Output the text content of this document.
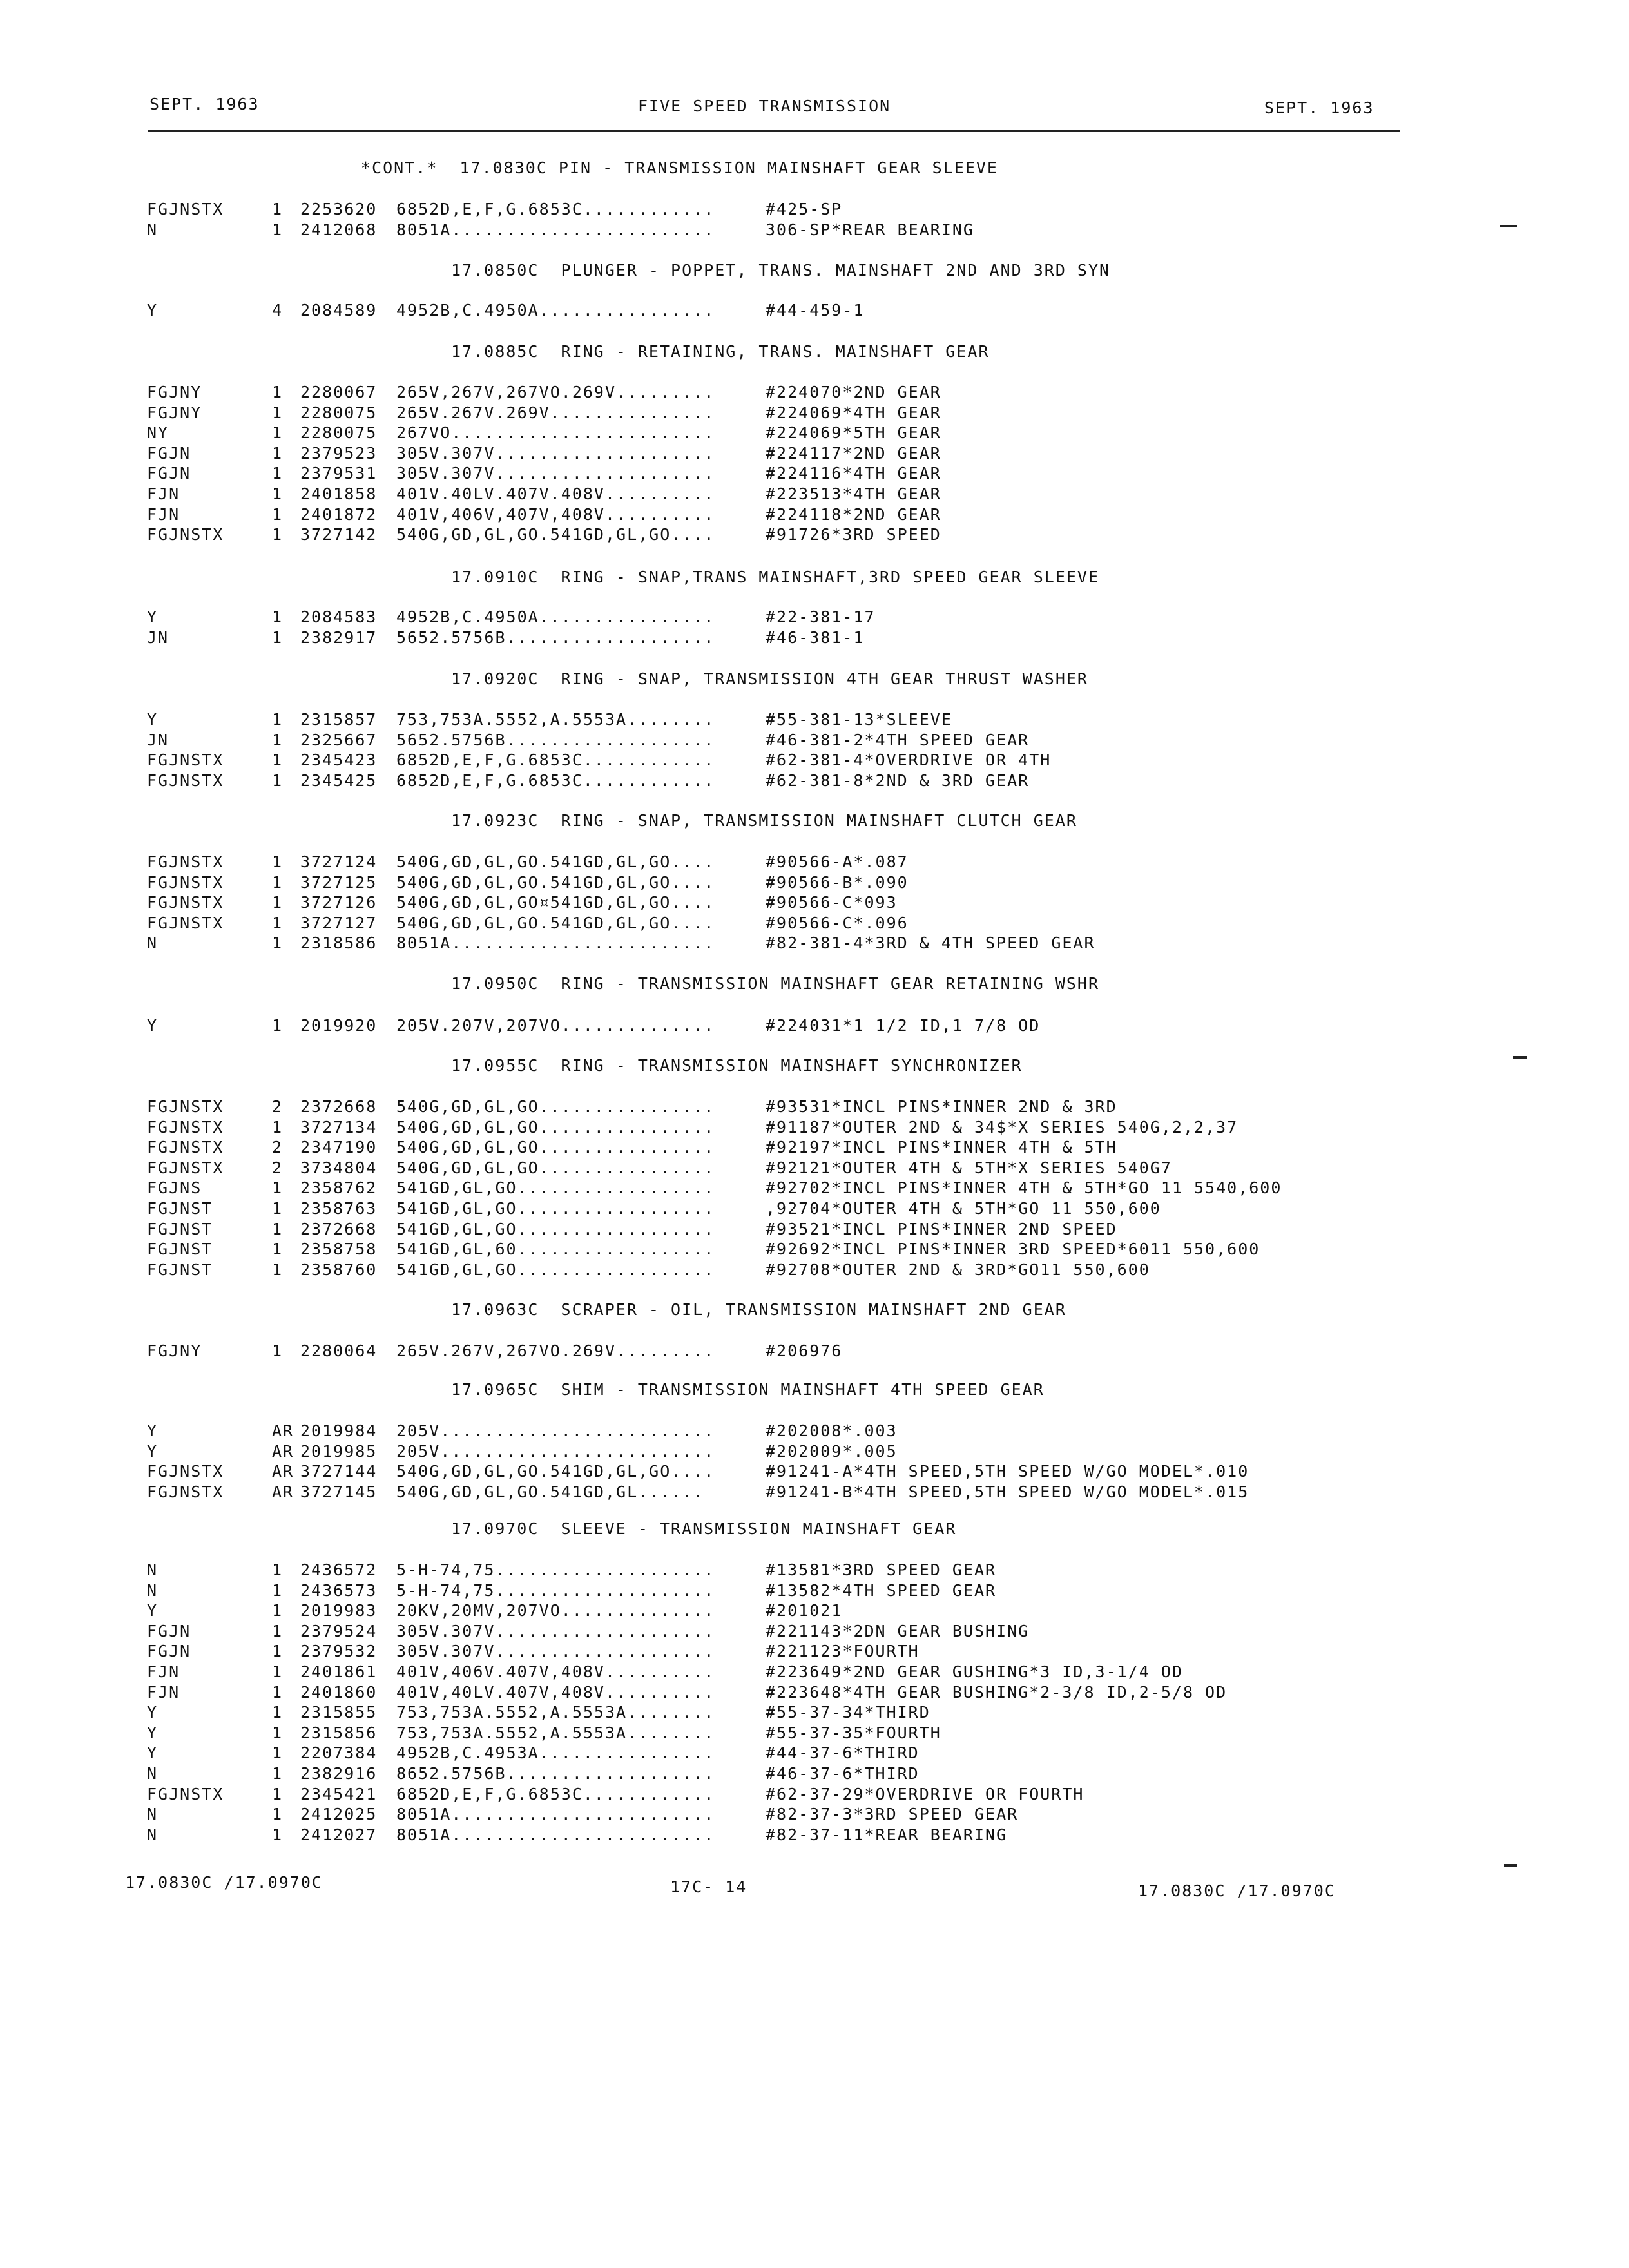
SEPT. 1963	FIVE SPEED TRANSMISSION	SEPT. 1963
*CONT.*  17.0830C PIN - TRANSMISSION MAINSHAFT GEAR SLEEVE
FGJNSTX	1 2253620 6852D,E,F,G.6853C............	#425-SP
N	1 2412068 8051A........................	306-SP*REAR BEARING
17.0850C  PLUNGER - POPPET, TRANS. MAINSHAFT 2ND AND 3RD SYN
Y	4 2084589 4952B,C.4950A................	#44-459-1
17.0885C  RING - RETAINING, TRANS. MAINSHAFT GEAR
FGJNY	1 2280067 265V,267V,267VO.269V.........	#224070*2ND GEAR
FGJNY	1 2280075 265V.267V.269V...............	#224069*4TH GEAR
NY	1 2280075 267VO........................	#224069*5TH GEAR
FGJN	1 2379523 305V.307V....................	#224117*2ND GEAR
FGJN	1 2379531 305V.307V....................	#224116*4TH GEAR
FJN	1 2401858 401V.40LV.407V.408V..........	#223513*4TH GEAR
FJN	1 2401872 401V,406V,407V,408V..........	#224118*2ND GEAR
FGJNSTX	1 3727142 540G,GD,GL,GO.541GD,GL,GO....	#91726*3RD SPEED
17.0910C  RING - SNAP,TRANS MAINSHAFT,3RD SPEED GEAR SLEEVE
Y	1 2084583 4952B,C.4950A................	#22-381-17
JN	1 2382917 5652.5756B...................	#46-381-1
17.0920C  RING - SNAP, TRANSMISSION 4TH GEAR THRUST WASHER
Y	1 2315857 753,753A.5552,A.5553A........	#55-381-13*SLEEVE
JN	1 2325667 5652.5756B...................	#46-381-2*4TH SPEED GEAR
FGJNSTX	1 2345423 6852D,E,F,G.6853C............	#62-381-4*OVERDRIVE OR 4TH
FGJNSTX	1 2345425 6852D,E,F,G.6853C............	#62-381-8*2ND & 3RD GEAR
17.0923C  RING - SNAP, TRANSMISSION MAINSHAFT CLUTCH GEAR
FGJNSTX	1 3727124 540G,GD,GL,GO.541GD,GL,GO....	#90566-A*.087
FGJNSTX	1 3727125 540G,GD,GL,GO.541GD,GL,GO....	#90566-B*.090
FGJNSTX	1 3727126 540G,GD,GL,GO¤541GD,GL,GO....	#90566-C*093
FGJNSTX	1 3727127 540G,GD,GL,GO.541GD,GL,GO....	#90566-C*.096
N	1 2318586 8051A........................	#82-381-4*3RD & 4TH SPEED GEAR
17.0950C  RING - TRANSMISSION MAINSHAFT GEAR RETAINING WSHR
Y	1 2019920 205V.207V,207VO..............	#224031*1 1/2 ID,1 7/8 OD
17.0955C  RING - TRANSMISSION MAINSHAFT SYNCHRONIZER
FGJNSTX	2 2372668 540G,GD,GL,GO................	#93531*INCL PINS*INNER 2ND & 3RD
FGJNSTX	1 3727134 540G,GD,GL,GO................	#91187*OUTER 2ND & 34$*X SERIES 540G,2,2,37
FGJNSTX	2 2347190 540G,GD,GL,GO................	#92197*INCL PINS*INNER 4TH & 5TH
FGJNSTX	2 3734804 540G,GD,GL,GO................	#92121*OUTER 4TH & 5TH*X SERIES 540G7
FGJNS	1 2358762 541GD,GL,GO..................	#92702*INCL PINS*INNER 4TH & 5TH*GO 11 5540,600
FGJNST	1 2358763 541GD,GL,GO..................	,92704*OUTER 4TH & 5TH*GO 11 550,600
FGJNST	1 2372668 541GD,GL,GO..................	#93521*INCL PINS*INNER 2ND SPEED
FGJNST	1 2358758 541GD,GL,60..................	#92692*INCL PINS*INNER 3RD SPEED*6011 550,600
FGJNST	1 2358760 541GD,GL,GO..................	#92708*OUTER 2ND & 3RD*GO11 550,600
17.0963C  SCRAPER - OIL, TRANSMISSION MAINSHAFT 2ND GEAR
FGJNY	1 2280064 265V.267V,267VO.269V.........	#206976
17.0965C  SHIM - TRANSMISSION MAINSHAFT 4TH SPEED GEAR
Y	AR 2019984 205V.........................	#202008*.003
Y	AR 2019985 205V.........................	#202009*.005
FGJNSTX	AR 3727144 540G,GD,GL,GO.541GD,GL,GO....	#91241-A*4TH SPEED,5TH SPEED W/GO MODEL*.010
FGJNSTX	AR 3727145 540G,GD,GL,GO.541GD,GL......	#91241-B*4TH SPEED,5TH SPEED W/GO MODEL*.015
17.0970C  SLEEVE - TRANSMISSION MAINSHAFT GEAR
N	1 2436572 5-H-74,75....................	#13581*3RD SPEED GEAR
N	1 2436573 5-H-74,75....................	#13582*4TH SPEED GEAR
Y	1 2019983 20KV,20MV,207VO..............	#201021
FGJN	1 2379524 305V.307V....................	#221143*2DN GEAR BUSHING
FGJN	1 2379532 305V.307V....................	#221123*FOURTH
FJN	1 2401861 401V,406V.407V,408V..........	#223649*2ND GEAR GUSHING*3 ID,3-1/4 OD
FJN	1 2401860 401V,40LV.407V,408V..........	#223648*4TH GEAR BUSHING*2-3/8 ID,2-5/8 OD
Y	1 2315855 753,753A.5552,A.5553A........	#55-37-34*THIRD
Y	1 2315856 753,753A.5552,A.5553A........	#55-37-35*FOURTH
Y	1 2207384 4952B,C.4953A................	#44-37-6*THIRD
N	1 2382916 8652.5756B...................	#46-37-6*THIRD
FGJNSTX	1 2345421 6852D,E,F,G.6853C............	#62-37-29*OVERDRIVE OR FOURTH
N	1 2412025 8051A........................	#82-37-3*3RD SPEED GEAR
N	1 2412027 8051A........................	#82-37-11*REAR BEARING
17.0830C /17.0970C	17C- 14	17.0830C /17.0970C
